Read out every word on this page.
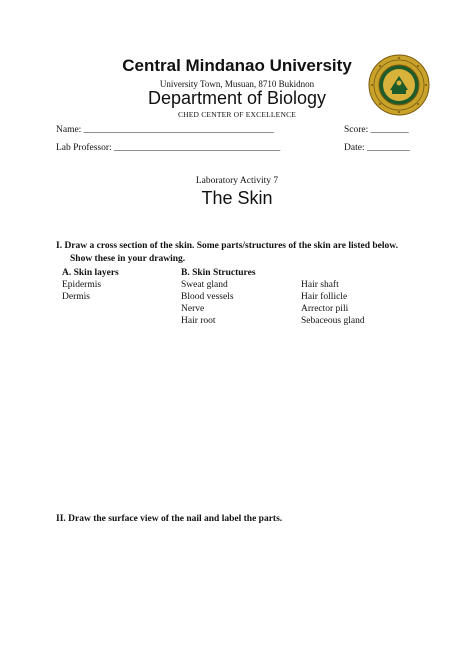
Central Mindanao University
University Town, Musuan, 8710 Bukidnon
Department of Biology
CHED CENTER OF EXCELLENCE
Name: ________________________________________	Score: ________
Lab Professor: ___________________________________	Date: _________
Laboratory Activity 7
The Skin
I. Draw a cross section of the skin. Some parts/structures of the skin are listed below.
Show these in your drawing.
A. Skin layers
Epidermis
Dermis
B. Skin Structures
Sweat gland
Blood vessels
Nerve
Hair root
Hair shaft
Hair follicle
Arrector pili
Sebaceous gland
II. Draw the surface view of the nail and label the parts.
